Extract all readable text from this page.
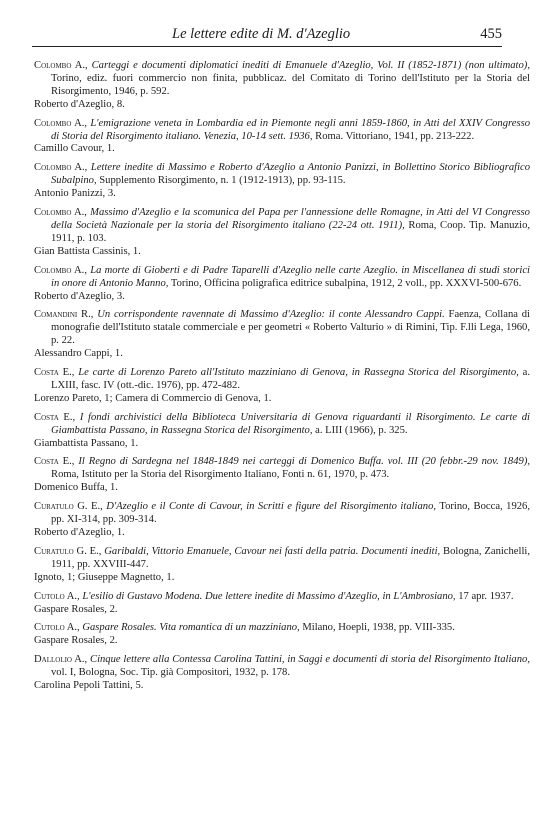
Le lettere edite di M. d'Azeglio	455
Colombo A., Carteggi e documenti diplomatici inediti di Emanuele d'Azeglio, Vol. II (1852-1871) (non ultimato), Torino, ediz. fuori commercio non finita, pubblicaz. del Comitato di Torino dell'Istituto per la Storia del Risorgimento, 1946, p. 592.
Roberto d'Azeglio, 8.
Colombo A., L'emigrazione veneta in Lombardia ed in Piemonte negli anni 1859-1860, in Atti del XXIV Congresso di Storia del Risorgimento italiano. Venezia, 10-14 sett. 1936, Roma. Vittoriano, 1941, pp. 213-222.
Camillo Cavour, 1.
Colombo A., Lettere inedite di Massimo e Roberto d'Azeglio a Antonio Panizzi, in Bollettino Storico Bibliografico Subalpino, Supplemento Risorgimento, n. 1 (1912-1913), pp. 93-115.
Antonio Panizzi, 3.
Colombo A., Massimo d'Azeglio e la scomunica del Papa per l'annessione delle Romagne, in Atti del VI Congresso della Società Nazionale per la storia del Risorgimento italiano (22-24 ott. 1911), Roma, Coop. Tip. Manuzio, 1911, p. 103.
Gian Battista Cassinis, 1.
Colombo A., La morte di Gioberti e di Padre Taparelli d'Azeglio nelle carte Azeglio. in Miscellanea di studi storici in onore di Antonio Manno, Torino, Officina poligrafica editrice subalpina, 1912, 2 voll., pp. XXXVI-500-676.
Roberto d'Azeglio, 3.
Comandini R., Un corrispondente ravennate di Massimo d'Azeglio: il conte Alessandro Cappi. Faenza, Collana di monografie dell'Istituto statale commerciale e per geometri « Roberto Valturio » di Rimini, Tip. F.lli Lega, 1960, p. 22.
Alessandro Cappi, 1.
Costa E., Le carte di Lorenzo Pareto all'Istituto mazziniano di Genova, in Rassegna Storica del Risorgimento, a. LXIII, fasc. IV (ott.-dic. 1976), pp. 472-482.
Lorenzo Pareto, 1; Camera di Commercio di Genova, 1.
Costa E., I fondi archivistici della Biblioteca Universitaria di Genova riguardanti il Risorgimento. Le carte di Giambattista Passano, in Rassegna Storica del Risorgimento, a. LIII (1966), p. 325.
Giambattista Passano, 1.
Costa E., Il Regno di Sardegna nel 1848-1849 nei carteggi di Domenico Buffa. vol. III (20 febbr.-29 nov. 1849), Roma, Istituto per la Storia del Risorgimento Italiano, Fonti n. 61, 1970, p. 473.
Domenico Buffa, 1.
Curatulo G. E., D'Azeglio e il Conte di Cavour, in Scritti e figure del Risorgimento italiano, Torino, Bocca, 1926, pp. XI-314, pp. 309-314.
Roberto d'Azeglio, 1.
Curatulo G. E., Garibaldi, Vittorio Emanuele, Cavour nei fasti della patria. Documenti inediti, Bologna, Zanichelli, 1911, pp. XXVIII-447.
Ignoto, 1; Giuseppe Magnetto, 1.
Cutolo A., L'esilio di Gustavo Modena. Due lettere inedite di Massimo d'Azeglio, in L'Ambrosiano, 17 apr. 1937.
Gaspare Rosales, 2.
Cutolo A., Gaspare Rosales. Vita romantica di un mazziniano, Milano, Hoepli, 1938, pp. VIII-335.
Gaspare Rosales, 2.
Dallolio A., Cinque lettere alla Contessa Carolina Tattini, in Saggi e documenti di storia del Risorgimento Italiano, vol. I, Bologna, Soc. Tip. già Compositori, 1932, p. 178.
Carolina Pepoli Tattini, 5.
